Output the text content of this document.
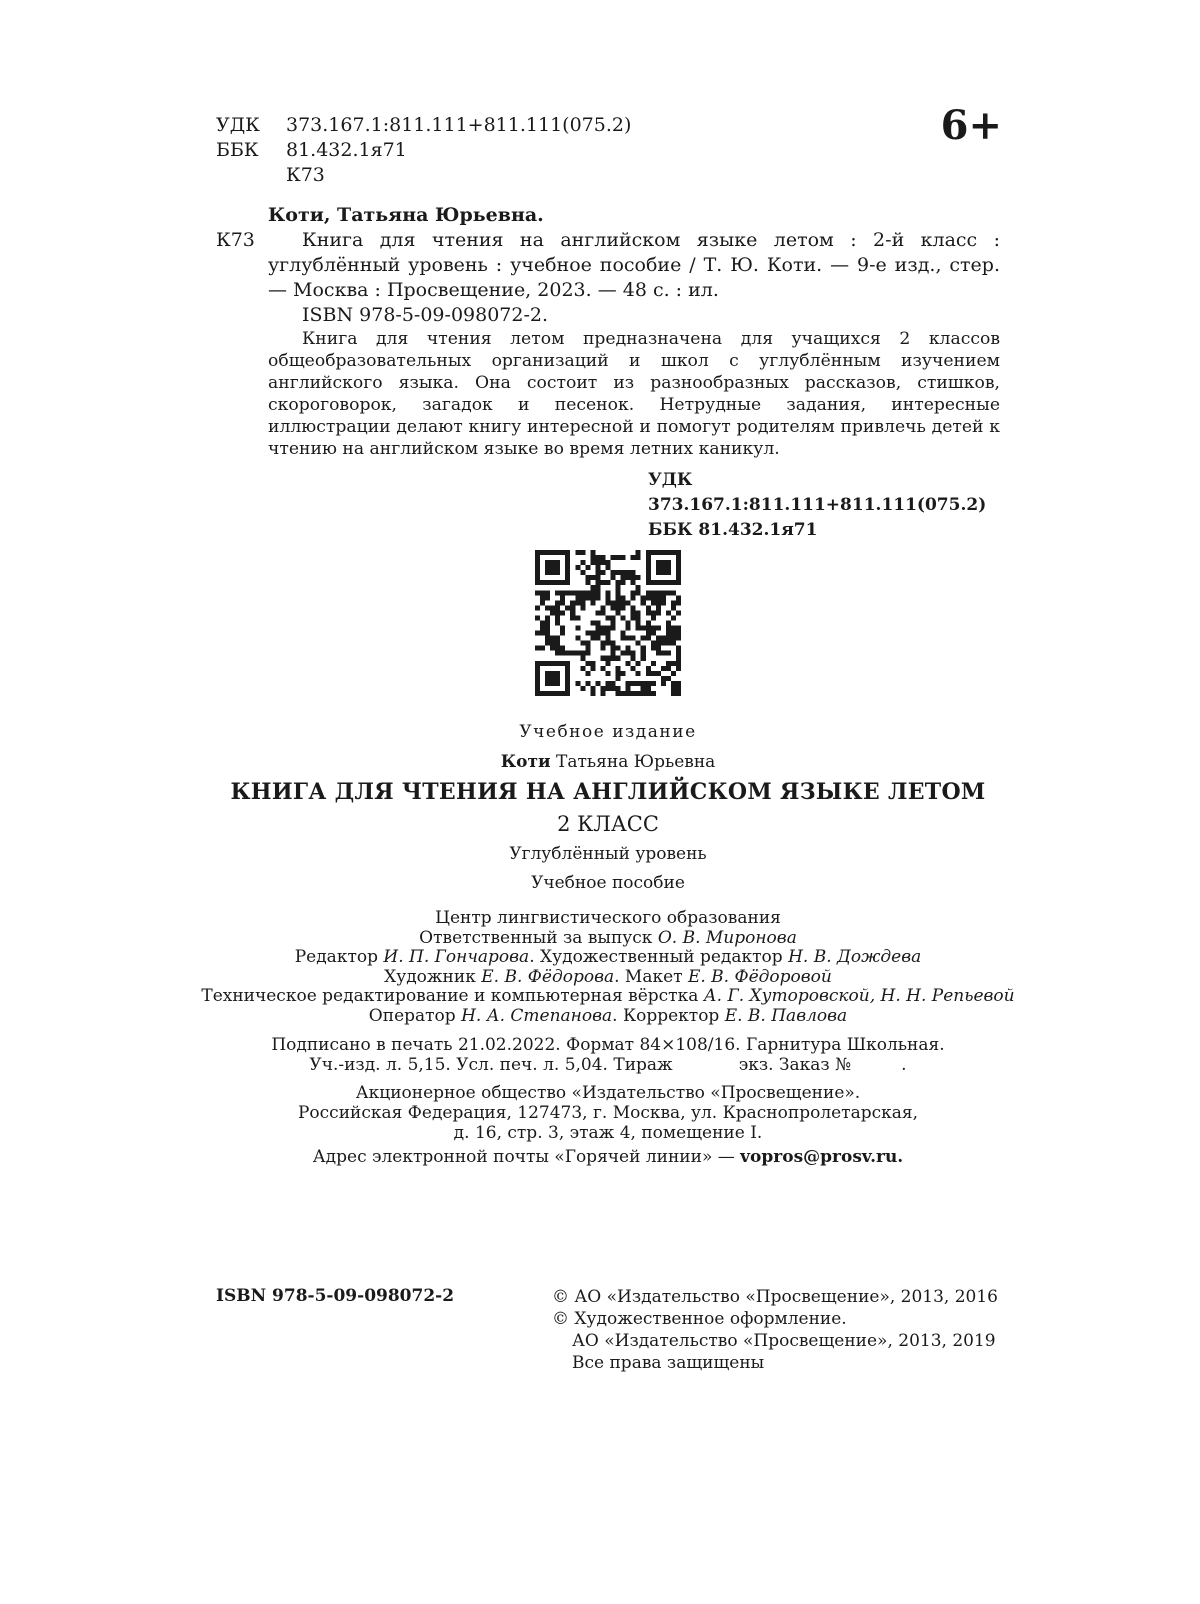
УДК 373.167.1:811.111+811.111(075.2)
ББК 81.432.1я71
К73
6+
Коти, Татьяна Юрьевна.
К73	Книга для чтения на английском языке летом : 2-й класс : углублённый уровень : учебное пособие / Т. Ю. Коти. — 9-е изд., стер. — Москва : Просвещение, 2023. — 48 с. : ил.
ISBN 978-5-09-098072-2.
Книга для чтения летом предназначена для учащихся 2 классов общеобразовательных организаций и школ с углублённым изучением английского языка. Она состоит из разнообразных рассказов, стишков, скороговорок, загадок и песенок. Нетрудные задания, интересные иллюстрации делают книгу интересной и помогут родителям привлечь детей к чтению на английском языке во время летних каникул.
УДК 373.167.1:811.111+811.111(075.2)
ББК 81.432.1я71
Учебное издание
Коти Татьяна Юрьевна
КНИГА ДЛЯ ЧТЕНИЯ НА АНГЛИЙСКОМ ЯЗЫКЕ ЛЕТОМ
2 КЛАСС
Углублённый уровень
Учебное пособие
Центр лингвистического образования
Ответственный за выпуск О. В. Миронова
Редактор И. П. Гончарова. Художественный редактор Н. В. Дождева
Художник Е. В. Фёдорова. Макет Е. В. Фёдоровой
Техническое редактирование и компьютерная вёрстка А. Г. Хуторовской, Н. Н. Репьевой
Оператор Н. А. Степанова. Корректор Е. В. Павлова
Подписано в печать 21.02.2022. Формат 84×108/16. Гарнитура Школьная.
Уч.-изд. л. 5,15. Усл. печ. л. 5,04. Тираж	экз. Заказ №	.
Акционерное общество «Издательство «Просвещение».
Российская Федерация, 127473, г. Москва, ул. Краснопролетарская,
д. 16, стр. 3, этаж 4, помещение I.
Адрес электронной почты «Горячей линии» — vopros@prosv.ru.
ISBN 978-5-09-098072-2	© АО «Издательство «Просвещение», 2013, 2016
© Художественное оформление.
АО «Издательство «Просвещение», 2013, 2019
Все права защищены
